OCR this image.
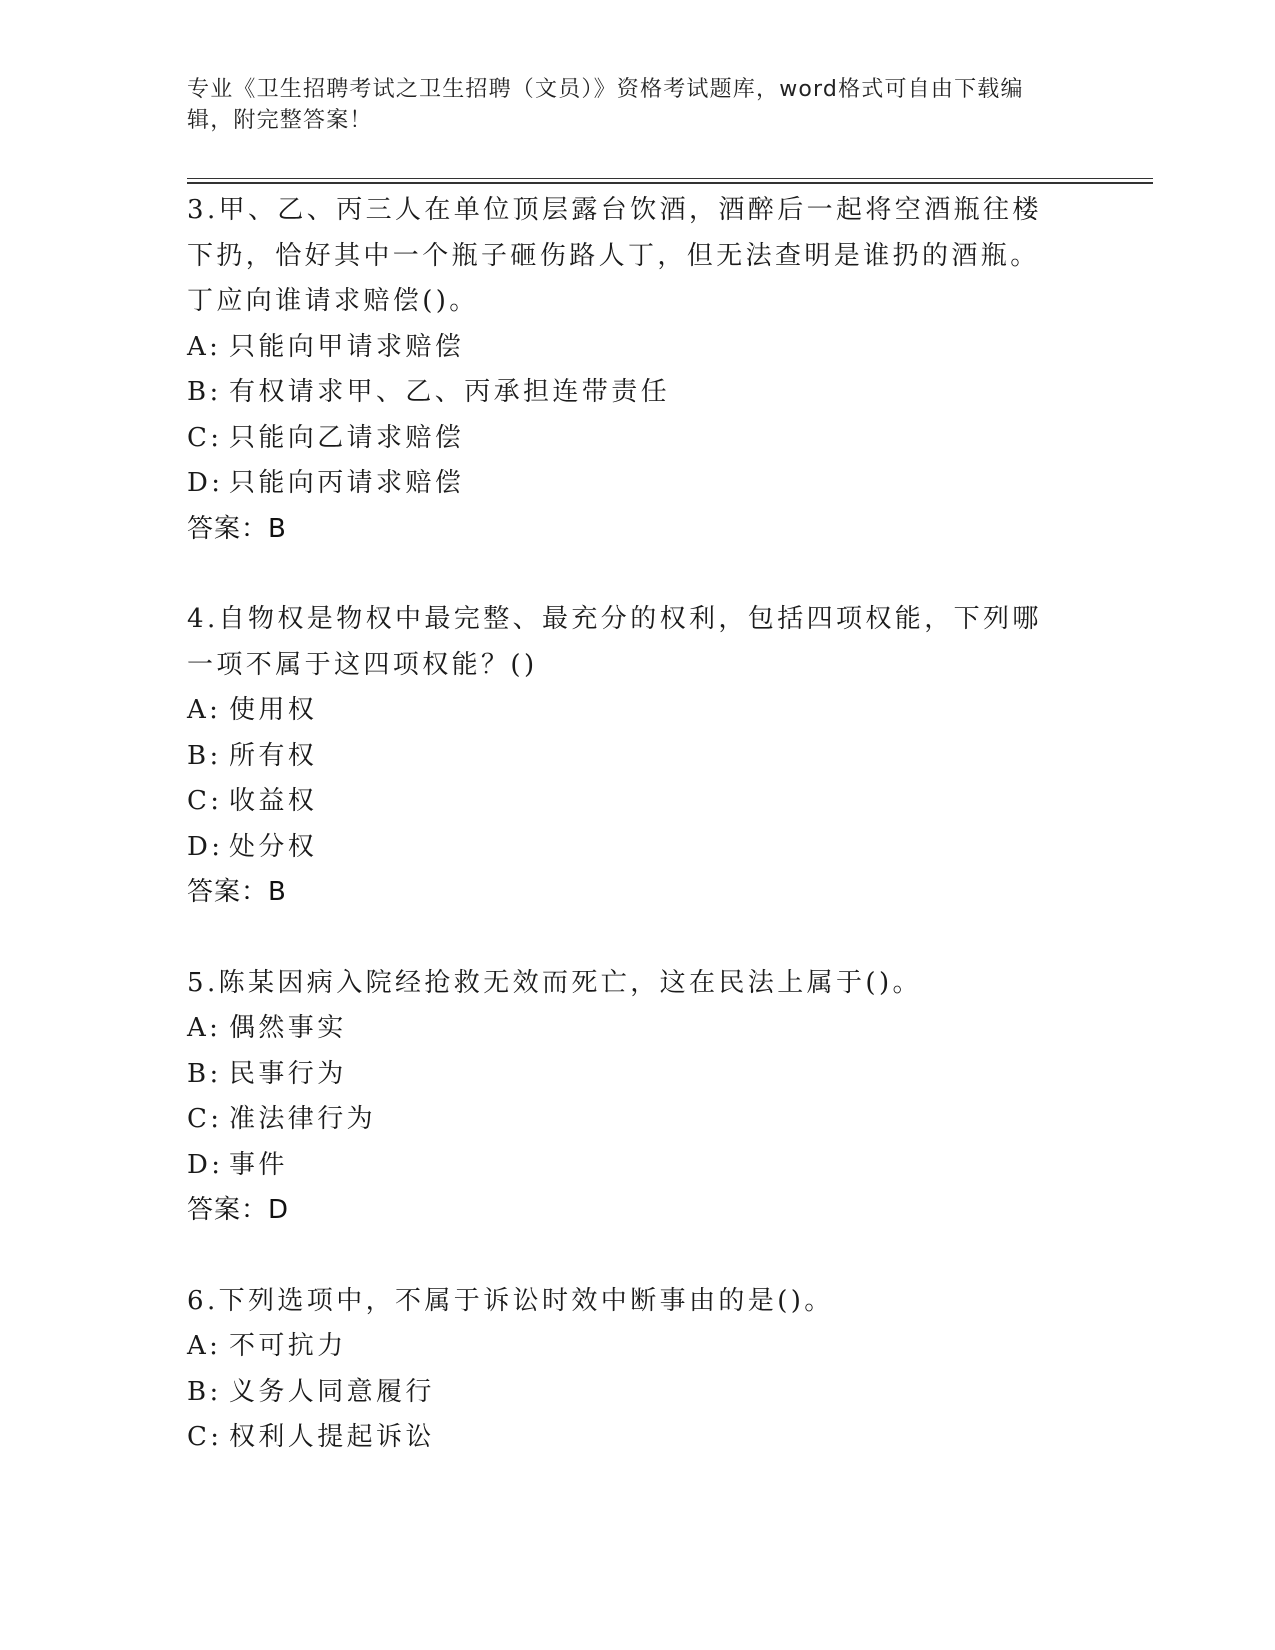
专业《卫生招聘考试之卫生招聘（文员）》资格考试题库，word格式可自由下载编辑，附完整答案！
3.甲、乙、丙三人在单位顶层露台饮酒，酒醉后一起将空酒瓶往楼下扔，恰好其中一个瓶子砸伤路人丁，但无法查明是谁扔的酒瓶。丁应向谁请求赔偿()。
A: 只能向甲请求赔偿
B: 有权请求甲、乙、丙承担连带责任
C: 只能向乙请求赔偿
D: 只能向丙请求赔偿
答案：B
4.自物权是物权中最完整、最充分的权利，包括四项权能，下列哪一项不属于这四项权能？()
A: 使用权
B: 所有权
C: 收益权
D: 处分权
答案：B
5.陈某因病入院经抢救无效而死亡，这在民法上属于()。
A: 偶然事实
B: 民事行为
C: 准法律行为
D: 事件
答案：D
6.下列选项中，不属于诉讼时效中断事由的是()。
A: 不可抗力
B: 义务人同意履行
C: 权利人提起诉讼
